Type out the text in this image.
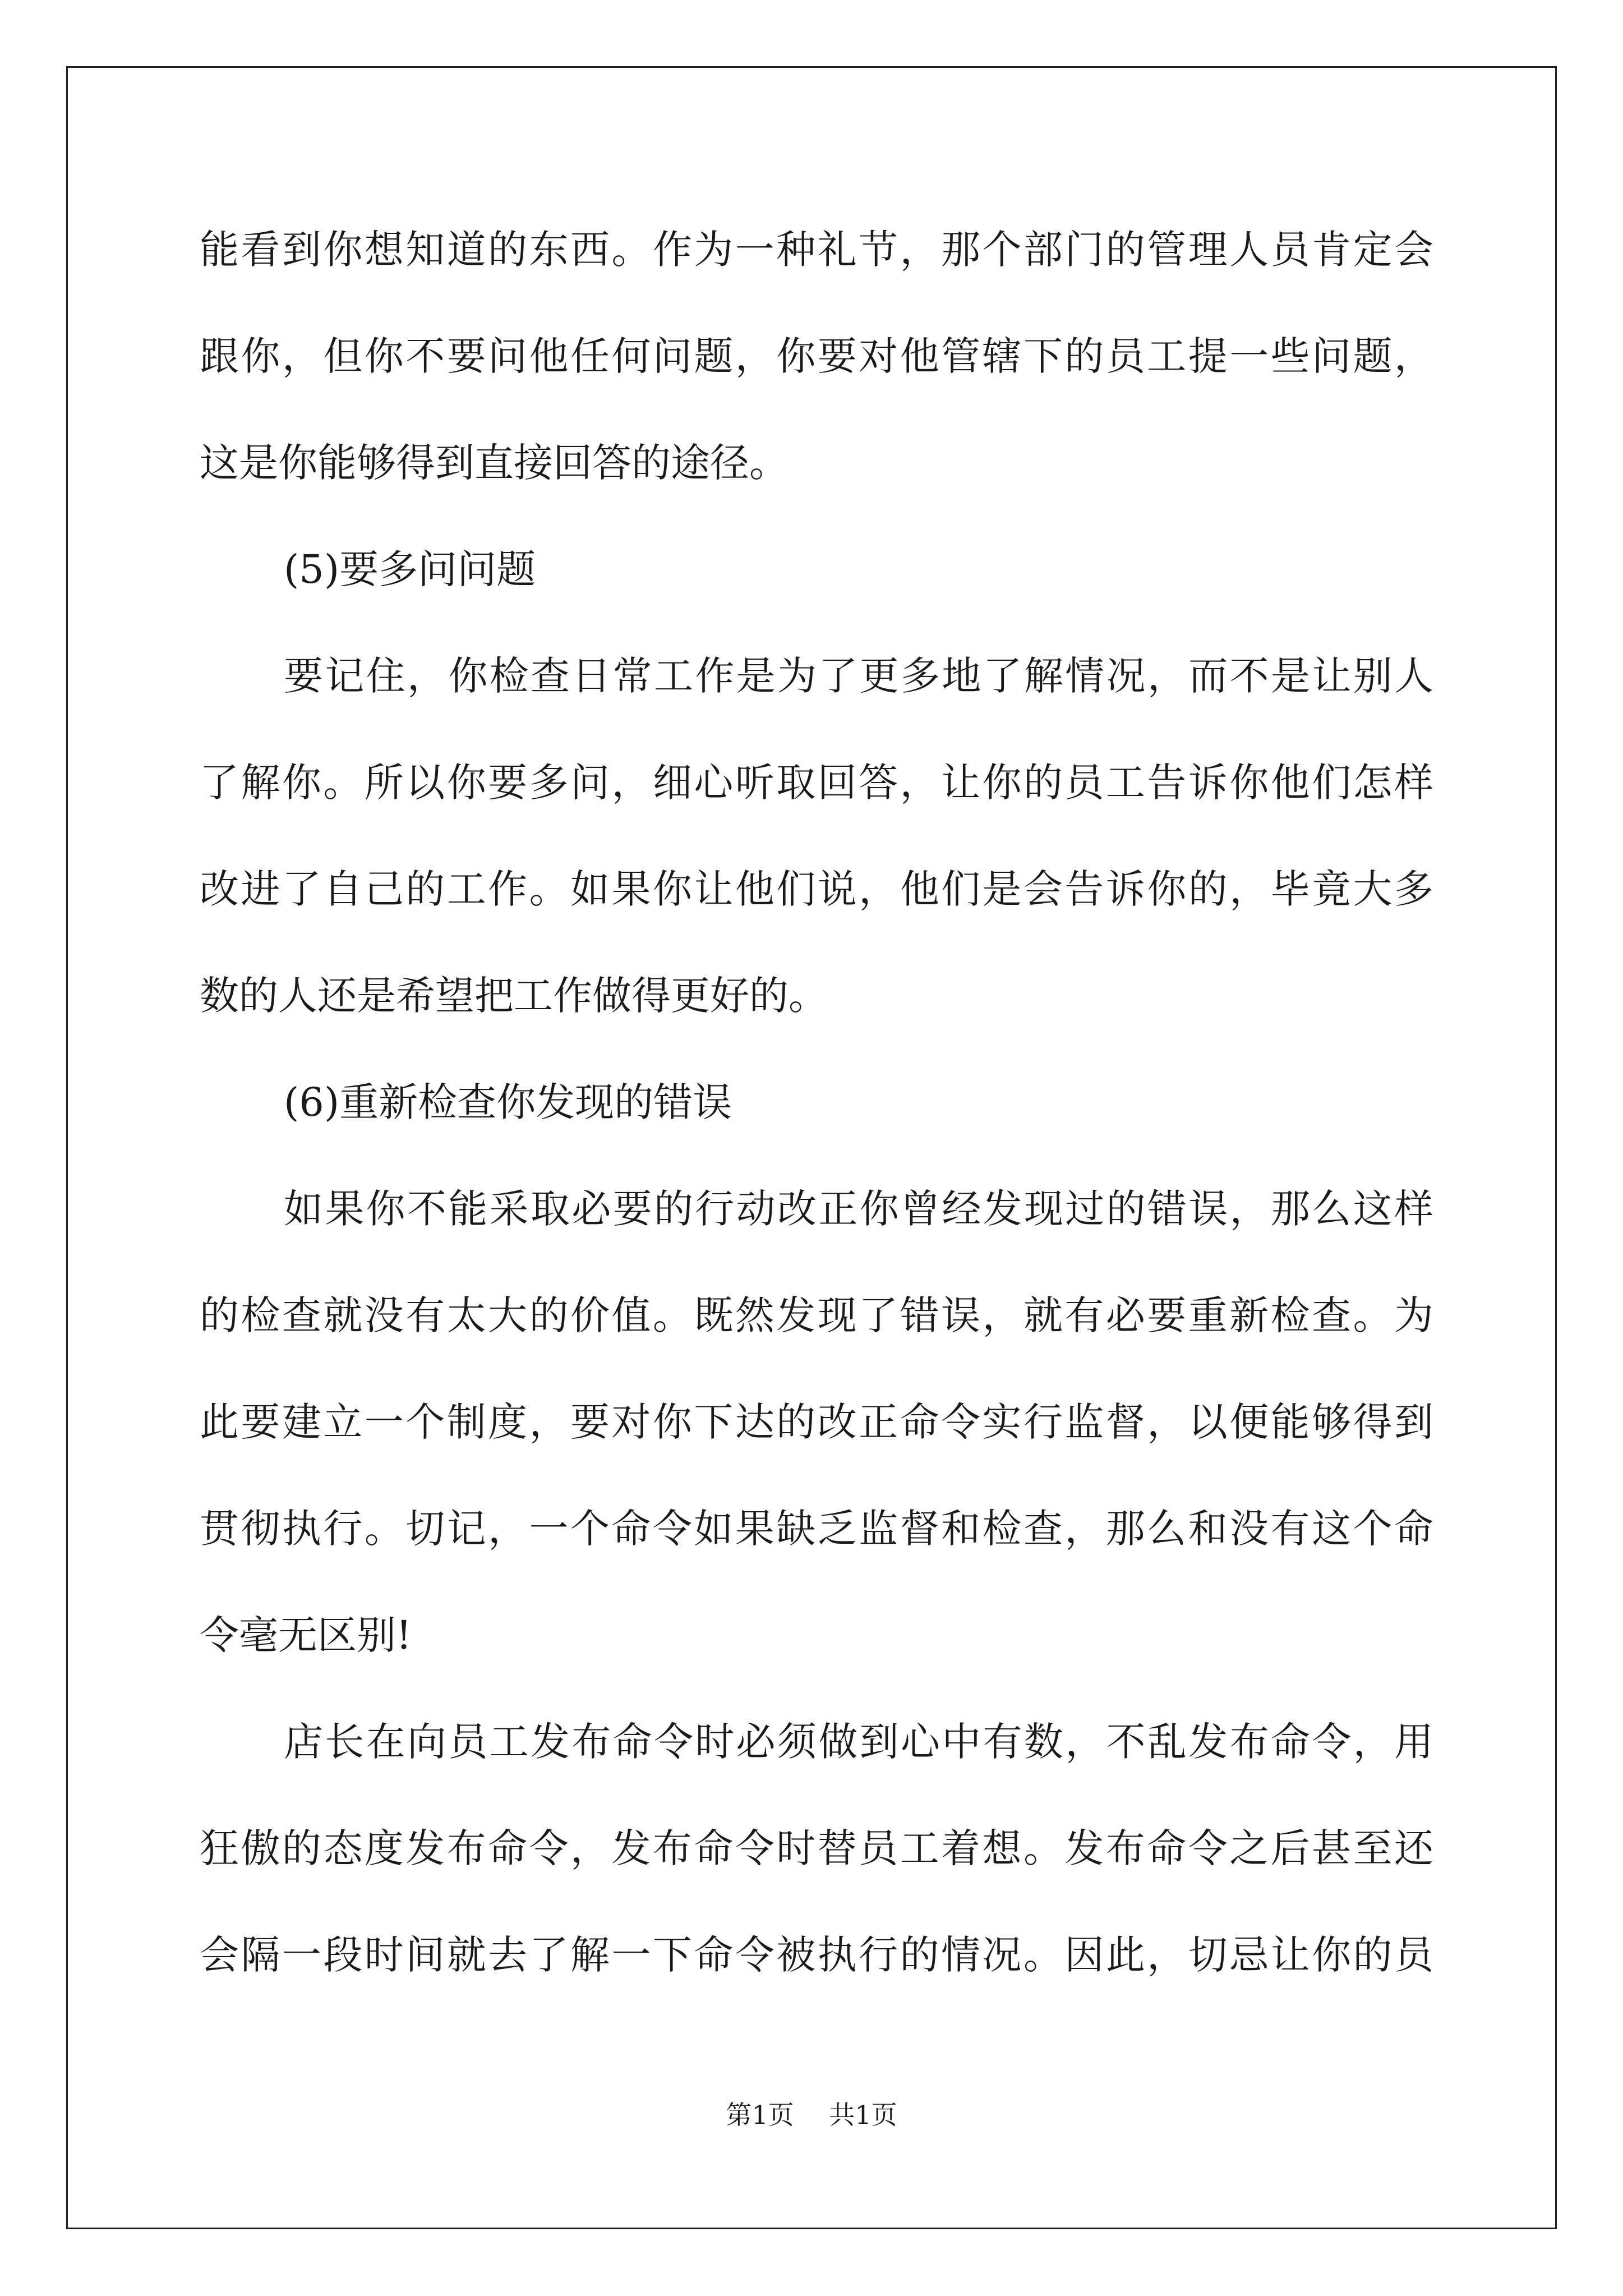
能看到你想知道的东西。作为一种礼节，那个部门的管理人员肯定会
跟你，但你不要问他任何问题，你要对他管辖下的员工提一些问题，
这是你能够得到直接回答的途径。
(5)要多问问题
要记住，你检查日常工作是为了更多地了解情况，而不是让别人
了解你。所以你要多问，细心听取回答，让你的员工告诉你他们怎样
改进了自己的工作。如果你让他们说，他们是会告诉你的，毕竟大多
数的人还是希望把工作做得更好的。
(6)重新检查你发现的错误
如果你不能采取必要的行动改正你曾经发现过的错误，那么这样
的检查就没有太大的价值。既然发现了错误，就有必要重新检查。为
此要建立一个制度，要对你下达的改正命令实行监督，以便能够得到
贯彻执行。切记，一个命令如果缺乏监督和检查，那么和没有这个命
令毫无区别!
店长在向员工发布命令时必须做到心中有数，不乱发布命令，用
狂傲的态度发布命令，发布命令时替员工着想。发布命令之后甚至还
会隔一段时间就去了解一下命令被执行的情况。因此，切忌让你的员
第1页 共1页
